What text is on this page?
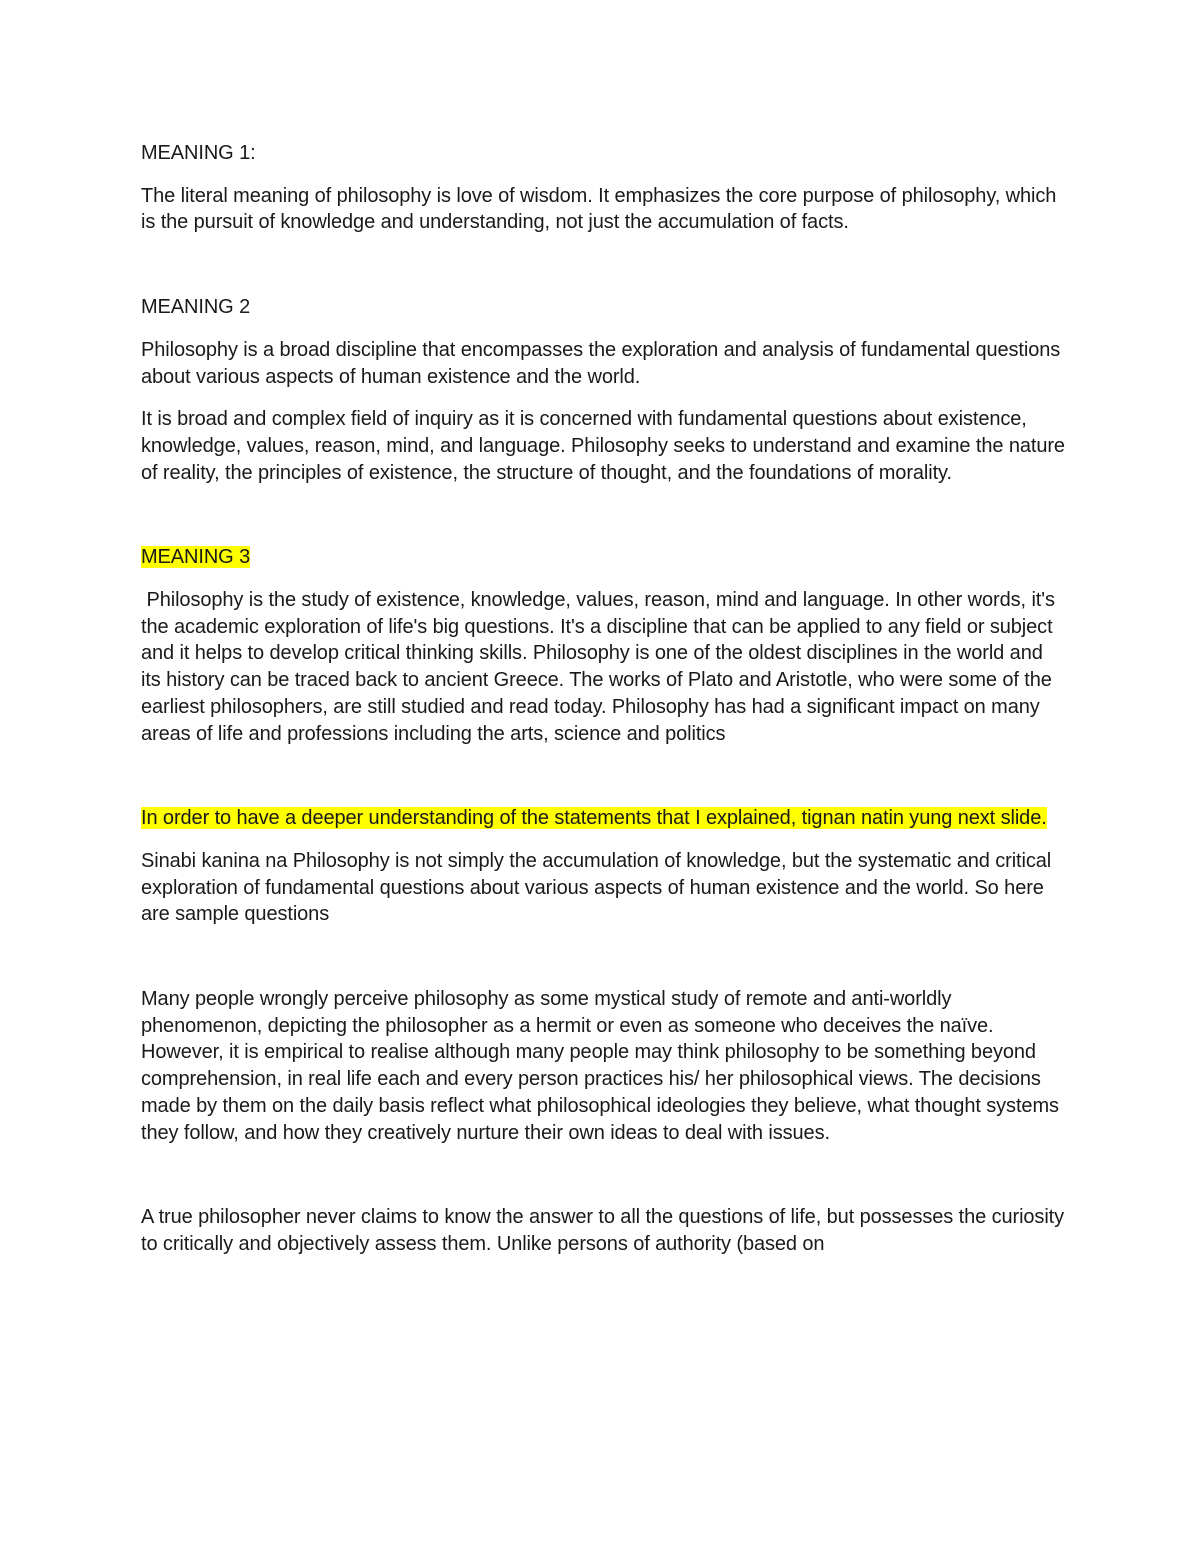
MEANING 1:

The literal meaning of philosophy is love of wisdom. It emphasizes the core purpose of philosophy, which is the pursuit of knowledge and understanding, not just the accumulation of facts.

MEANING 2

Philosophy is a broad discipline that encompasses the exploration and analysis of fundamental questions about various aspects of human existence and the world.

It is broad and complex field of inquiry as it is concerned with fundamental questions about existence, knowledge, values, reason, mind, and language. Philosophy seeks to understand and examine the nature of reality, the principles of existence, the structure of thought, and the foundations of morality.

MEANING 3

Philosophy is the study of existence, knowledge, values, reason, mind and language. In other words, it's the academic exploration of life's big questions. It's a discipline that can be applied to any field or subject and it helps to develop critical thinking skills. Philosophy is one of the oldest disciplines in the world and its history can be traced back to ancient Greece. The works of Plato and Aristotle, who were some of the earliest philosophers, are still studied and read today. Philosophy has had a significant impact on many areas of life and professions including the arts, science and politics

In order to have a deeper understanding of the statements that I explained, tignan natin yung next slide.

Sinabi kanina na Philosophy is not simply the accumulation of knowledge, but the systematic and critical exploration of fundamental questions about various aspects of human existence and the world. So here are sample questions

Many people wrongly perceive philosophy as some mystical study of remote and anti-worldly phenomenon, depicting the philosopher as a hermit or even as someone who deceives the naïve. However, it is empirical to realise although many people may think philosophy to be something beyond comprehension, in real life each and every person practices his/ her philosophical views. The decisions made by them on the daily basis reflect what philosophical ideologies they believe, what thought systems they follow, and how they creatively nurture their own ideas to deal with issues.

A true philosopher never claims to know the answer to all the questions of life, but possesses the curiosity to critically and objectively assess them. Unlike persons of authority (based on
